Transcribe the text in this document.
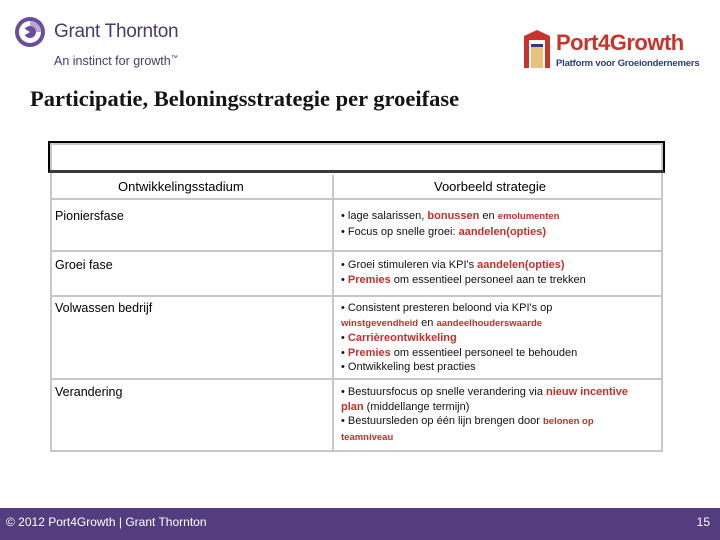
Grant Thornton
An instinct for growth™
Port4Growth
Platform voor Groeiondernemers
Participatie, Beloningsstrategie per groeifase
Ontwikkelingsstadium	Voorbeeld strategie
Pioniersfase	• lage salarissen, bonussen en emolumenten
• Focus op snelle groei: aandelen(opties)
Groei fase	• Groei stimuleren via KPI's aandelen(opties)
• Premies om essentieel personeel aan te trekken
Volwassen bedrijf	• Consistent presteren beloond via KPI's op
winstgevendheid en aandeelhouderswaarde
• Carrièreontwikkeling
• Premies om essentieel personeel te behouden
• Ontwikkeling best practies
Verandering	• Bestuursfocus op snelle verandering via nieuw incentive
plan (middellange termijn)
• Bestuursleden op één lijn brengen door belonen op
teamniveau
© 2012 Port4Growth | Grant Thornton	15
